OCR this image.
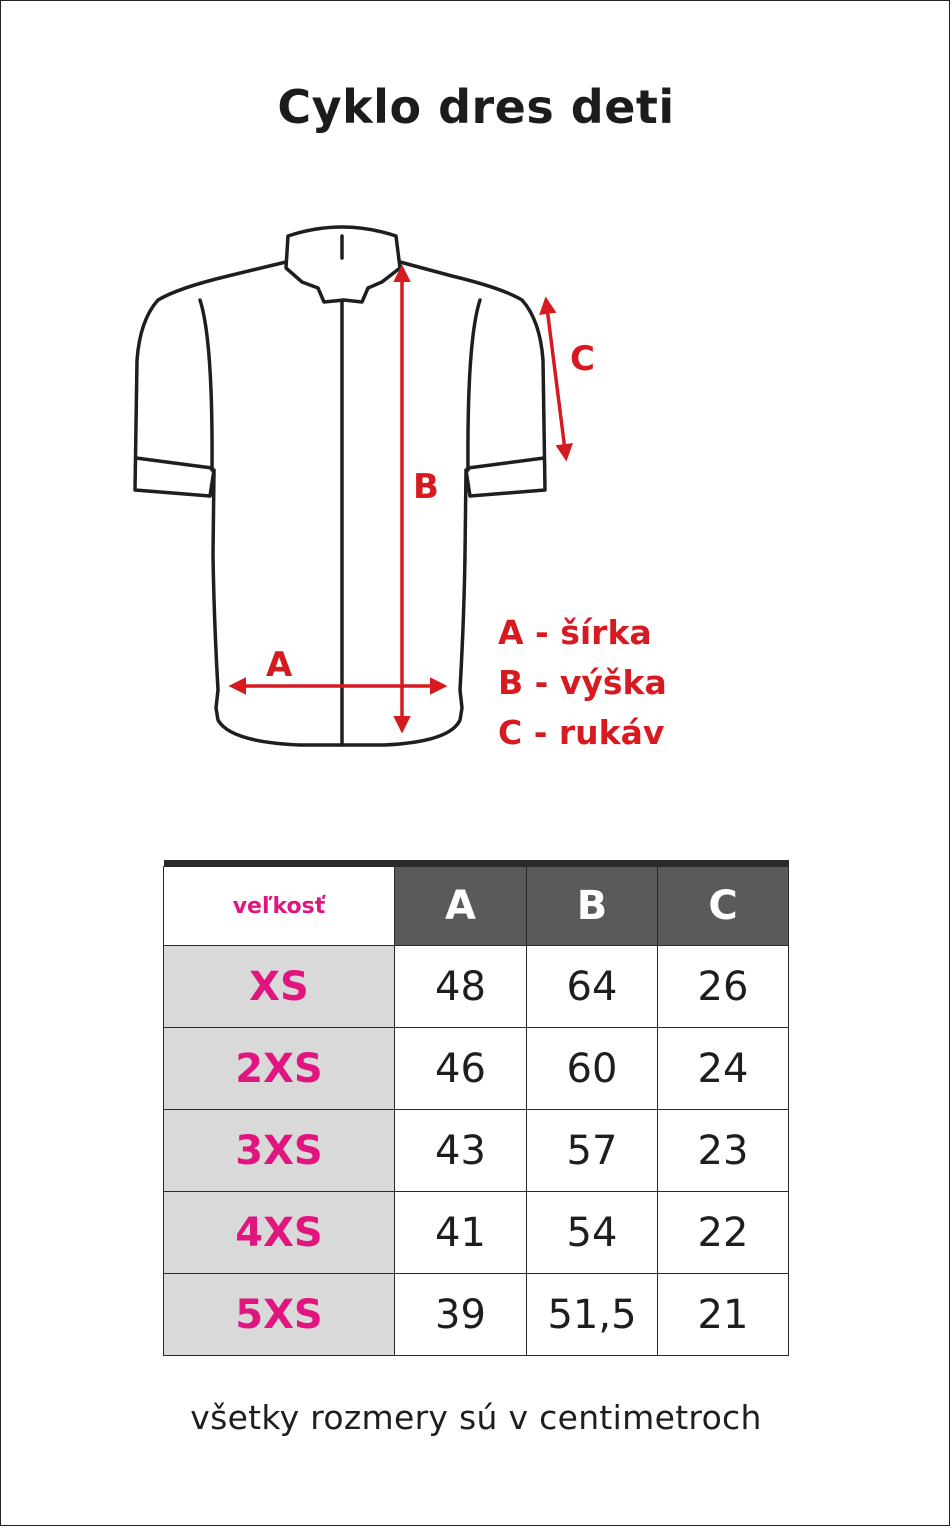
Cyklo dres deti
A
B
C
A - šírka
B - výška
C - rukáv

veľkosť	A	B	C
XS	48	64	26
2XS	46	60	24
3XS	43	57	23
4XS	41	54	22
5XS	39	51,5	21
všetky rozmery sú v centimetroch
